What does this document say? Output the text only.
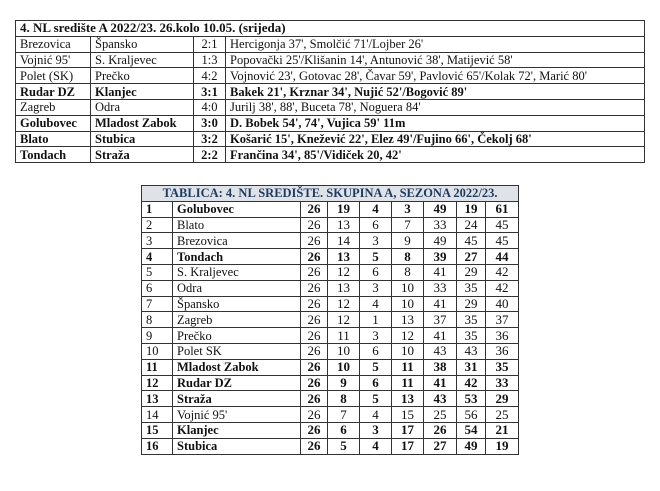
4. NL središte A 2022/23. 26.kolo 10.05. (srijeda)			
Brezovica	Špansko	2:1	Hercigonja 37', Smolčić 71'/Lojber 26'
Vojnić 95'	S. Kraljevec	1:3	Popovački 25'/Klišanin 14', Antunović 38', Matijević 58'
Polet (SK)	Prečko	4:2	Vojnović 23', Gotovac 28', Čavar 59', Pavlović 65'/Kolak 72', Marić 80'
Rudar DZ	Klanjec	3:1	Bakek 21', Krznar 34', Nujić 52'/Bogović 89'
Zagreb	Odra	4:0	Jurilj 38', 88', Buceta 78', Noguera 84'
Golubovec	Mladost Zabok	3:0	D. Bobek 54', 74', Vujica 59' 11m
Blato	Stubica	3:2	Košarić 15', Knežević 22', Elez 49'/Fujino 66', Čekolj 68'
Tondach	Straža	2:2	Frančina 34', 85'/Vidiček 20, 42'
TABLICA: 4. NL SREDIŠTE. SKUPINA A, SEZONA 2022/23.								
1	Golubovec	26	19	4	3	49	19	61
2	Blato	26	13	6	7	33	24	45
3	Brezovica	26	14	3	9	49	45	45
4	Tondach	26	13	5	8	39	27	44
5	S. Kraljevec	26	12	6	8	41	29	42
6	Odra	26	13	3	10	33	35	42
7	Špansko	26	12	4	10	41	29	40
8	Zagreb	26	12	1	13	37	35	37
9	Prečko	26	11	3	12	41	35	36
10	Polet SK	26	10	6	10	43	43	36
11	Mladost Zabok	26	10	5	11	38	31	35
12	Rudar DZ	26	9	6	11	41	42	33
13	Straža	26	8	5	13	43	53	29
14	Vojnić 95'	26	7	4	15	25	56	25
15	Klanjec	26	6	3	17	26	54	21
16	Stubica	26	5	4	17	27	49	19
